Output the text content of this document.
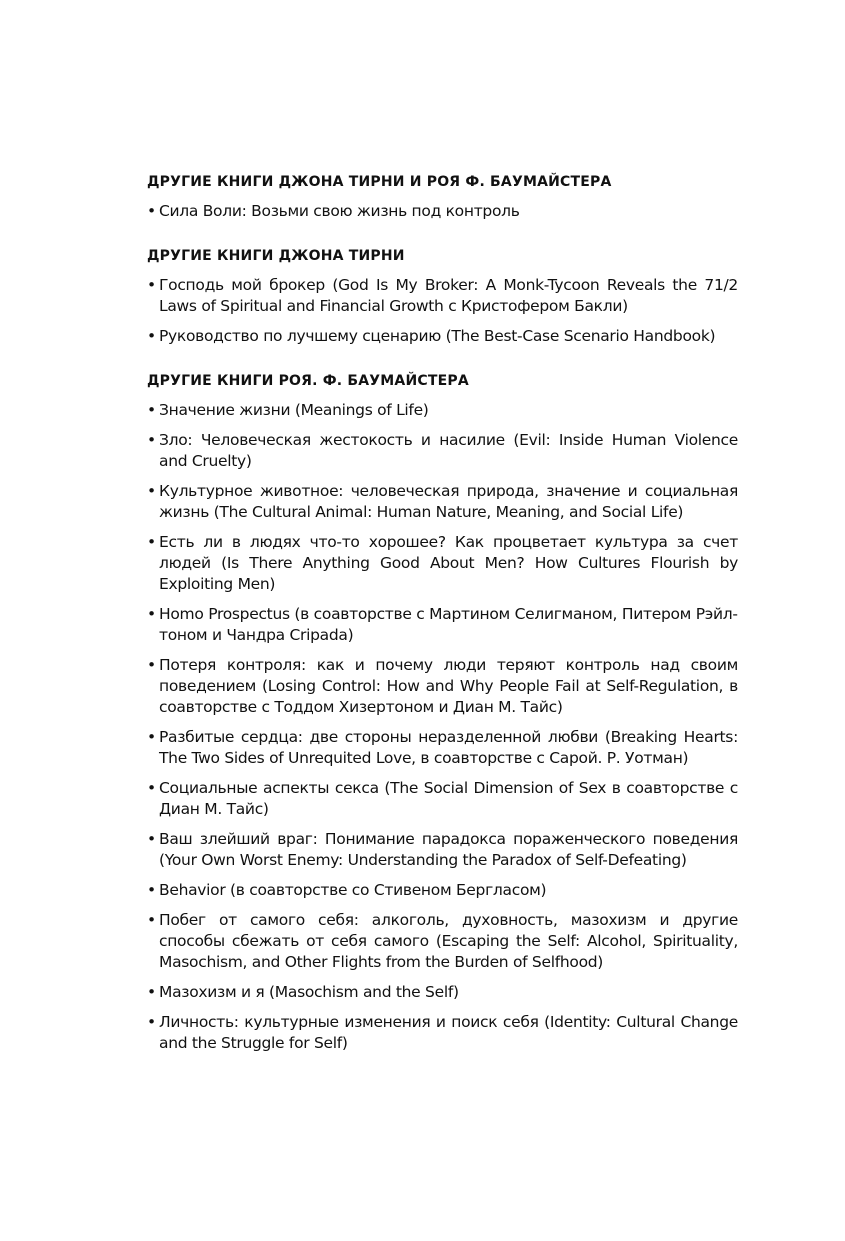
ДРУГИЕ КНИГИ ДЖОНА ТИРНИ И РОЯ Ф. БАУМАЙСТЕРА
• Сила Воли: Возьми свою жизнь под контроль
ДРУГИЕ КНИГИ ДЖОНА ТИРНИ
• Господь мой брокер (God Is My Broker: A Monk-Tycoon Reveals the 71/2 Laws of Spiritual and Financial Growth с Кристофером Бакли)
• Руководство по лучшему сценарию (The Best-Case Scenario Handbook)
ДРУГИЕ КНИГИ РОЯ. Ф. БАУМАЙСТЕРА
• Значение жизни (Meanings of Life)
• Зло: Человеческая жестокость и насилие (Evil: Inside Human Violence and Cruelty)
• Культурное животное: человеческая природа, значение и социальная жизнь (The Cultural Animal: Human Nature, Meaning, and Social Life)
• Есть ли в людях что-то хорошее? Как процветает культура за счет людей (Is There Anything Good About Men? How Cultures Flourish by Exploiting Men)
• Homo Prospectus (в соавторстве с Мартином Селигманом, Питером Рэйлтоном и Чандра Сripada)
• Потеря контроля: как и почему люди теряют контроль над своим поведением (Losing Control: How and Why People Fail at Self-Regulation, в соавторстве с Тоддом Хизертоном и Диан М. Тайс)
• Разбитые сердца: две стороны неразделенной любви (Breaking Hearts: The Two Sides of Unrequited Love, в соавторстве с Сарой. Р. Уотман)
• Социальные аспекты секса (The Social Dimension of Sex в соавторстве с Диан М. Тайс)
• Ваш злейший враг: Понимание парадокса пораженческого поведения (Your Own Worst Enemy: Understanding the Paradox of Self-Defeating)
• Behavior (в соавторстве со Стивеном Бергласом)
• Побег от самого себя: алкоголь, духовность, мазохизм и другие способы сбежать от себя самого (Escaping the Self: Alcohol, Spirituality, Masochism, and Other Flights from the Burden of Selfhood)
• Мазохизм и я (Masochism and the Self)
• Личность: культурные изменения и поиск себя (Identity: Cultural Change and the Struggle for Self)
